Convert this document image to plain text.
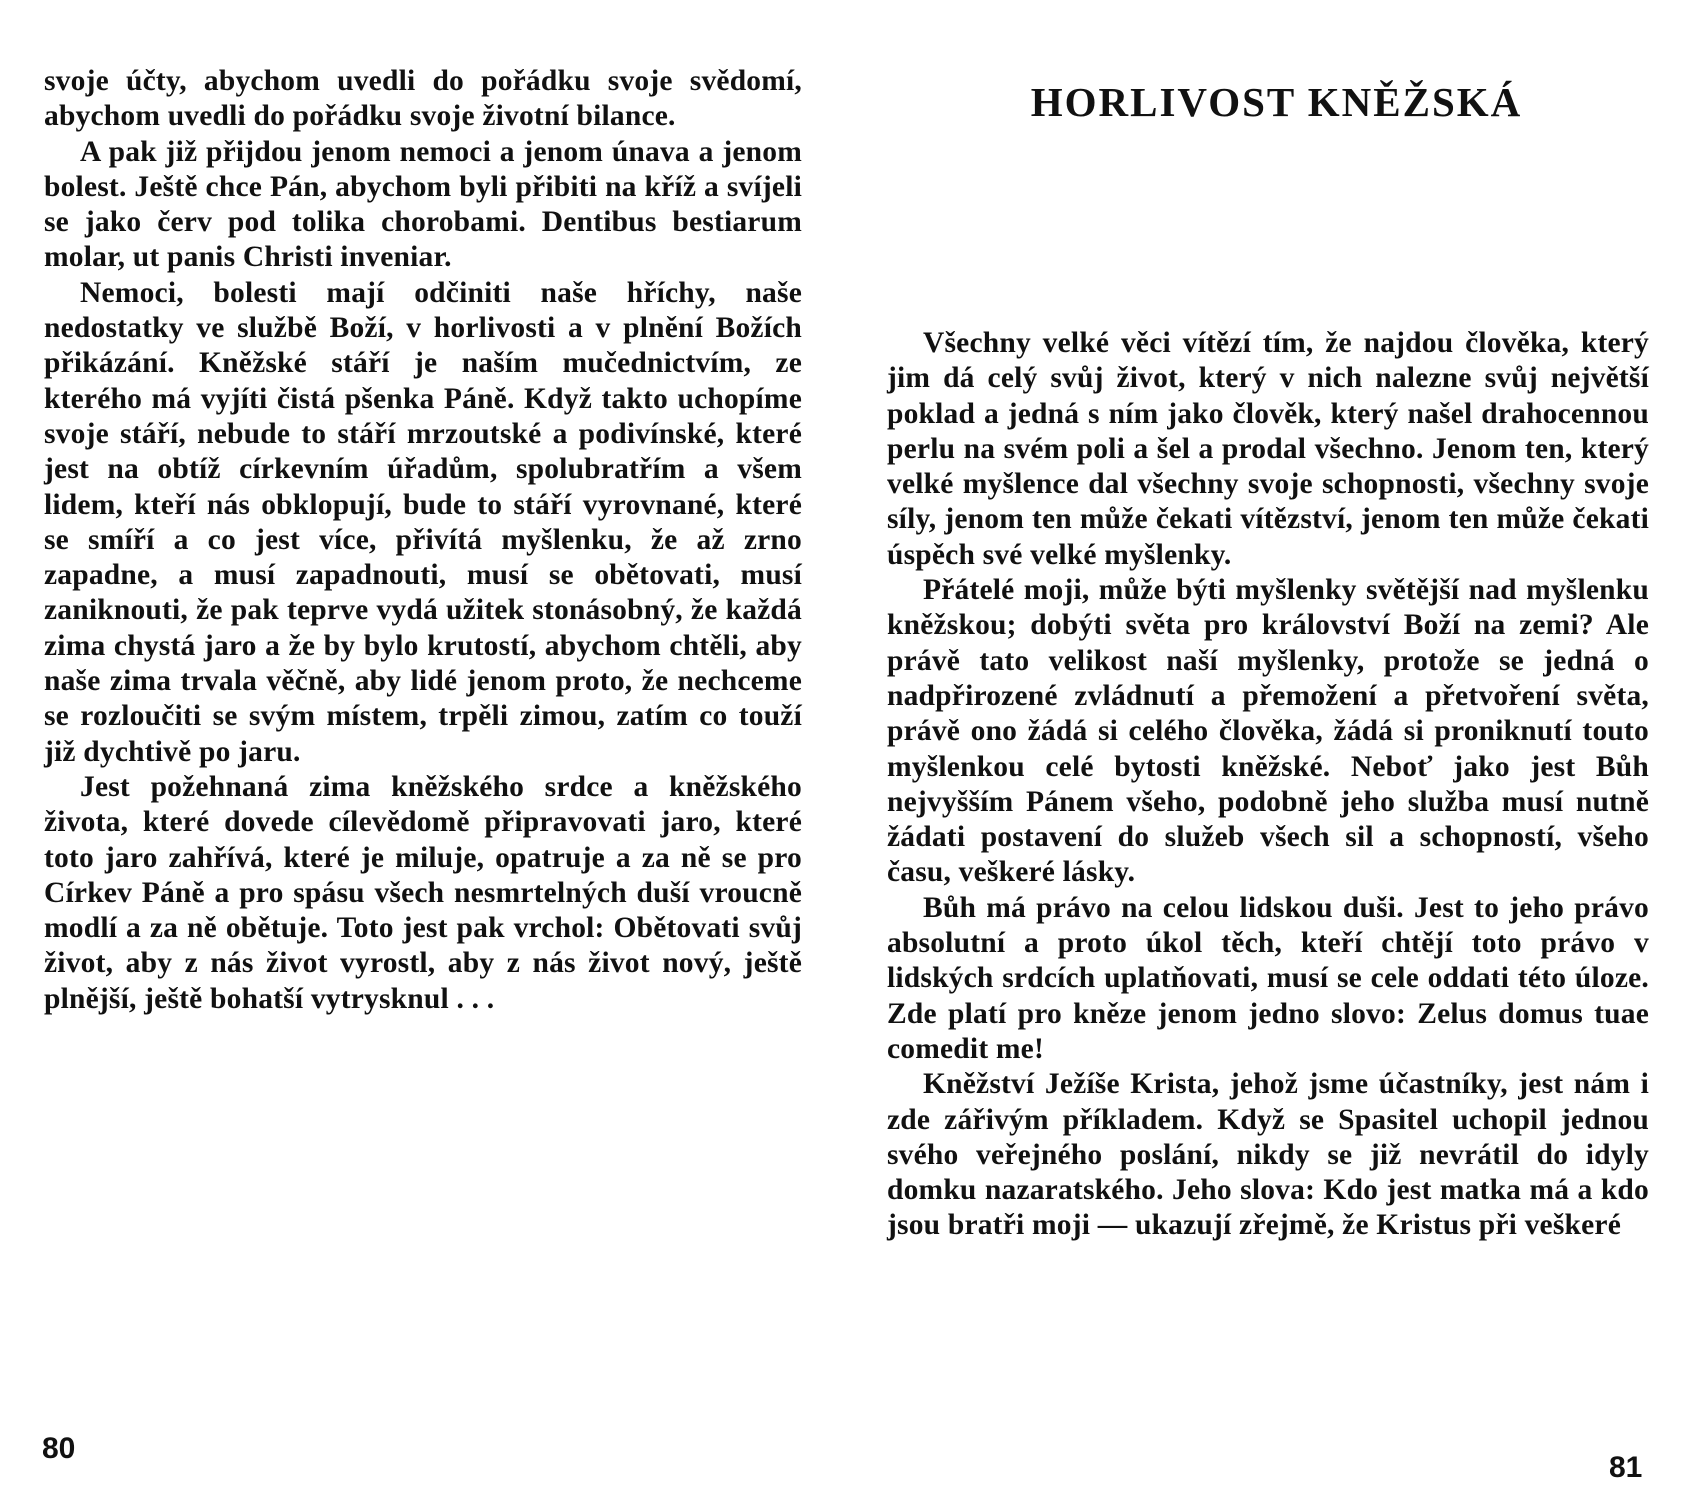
svoje účty, abychom uvedli do pořádku svoje svědomí, abychom uvedli do pořádku svoje životní bilance.

A pak již přijdou jenom nemoci a jenom únava a jenom bolest. Ještě chce Pán, abychom byli přibiti na kříž a svíjeli se jako červ pod tolika chorobami. Dentibus bestiarum molar, ut panis Christi inveniar.

Nemoci, bolesti mají odčiniti naše hříchy, naše nedostatky ve službě Boží, v horlivosti a v plnění Božích přikázání. Kněžské stáří je naším mučednictvím, ze kterého má vyjíti čistá pšenka Páně. Když takto uchopíme svoje stáří, nebude to stáří mrzoutské a podivínské, které jest na obtíž církevním úřadům, spolubratřím a všem lidem, kteří nás obklopují, bude to stáří vyrovnané, které se smíří a co jest více, přivítá myšlenku, že až zrno zapadne, a musí zapadnouti, musí se obětovati, musí zaniknouti, že pak teprve vydá užitek stonásobný, že každá zima chystá jaro a že by bylo krutostí, abychom chtěli, aby naše zima trvala věčně, aby lidé jenom proto, že nechceme se rozloučiti se svým místem, trpěli zimou, zatím co touží již dychtivě po jaru.

Jest požehnaná zima kněžského srdce a kněžského života, které dovede cílevědomě připravovati jaro, které toto jaro zahřívá, které je miluje, opatruje a za ně se pro Církev Páně a pro spásu všech nesmrtelných duší vroucně modlí a za ně obětuje. Toto jest pak vrchol: Obětovati svůj život, aby z nás život vyrostl, aby z nás život nový, ještě plnější, ještě bohatší vytrysknul . . .

80
HORLIVOST KNĚŽSKÁ

Všechny velké věci vítězí tím, že najdou člověka, který jim dá celý svůj život, který v nich nalezne svůj největší poklad a jedná s ním jako člověk, který našel drahocennou perlu na svém poli a šel a prodal všechno. Jenom ten, který velké myšlence dal všechny svoje schopnosti, všechny svoje síly, jenom ten může čekati vítězství, jenom ten může čekati úspěch své velké myšlenky.

Přátelé moji, může býti myšlenky světější nad myšlenku kněžskou; dobýti světa pro království Boží na zemi? Ale právě tato velikost naší myšlenky, protože se jedná o nadpřirozené zvládnutí a přemožení a přetvoření světa, právě ono žádá si celého člověka, žádá si proniknutí touto myšlenkou celé bytosti kněžské. Neboť jako jest Bůh nejvyšším Pánem všeho, podobně jeho služba musí nutně žádati postavení do služeb všech sil a schopností, všeho času, veškeré lásky.

Bůh má právo na celou lidskou duši. Jest to jeho právo absolutní a proto úkol těch, kteří chtějí toto právo v lidských srdcích uplatňovati, musí se cele oddati této úloze. Zde platí pro kněze jenom jedno slovo: Zelus domus tuae comedit me!

Kněžství Ježíše Krista, jehož jsme účastníky, jest nám i zde zářivým příkladem. Když se Spasitel uchopil jednou svého veřejného poslání, nikdy se již nevrátil do idyly domku nazaratského. Jeho slova: Kdo jest matka má a kdo jsou bratři moji — ukazují zřejmě, že Kristus při veškeré

81
